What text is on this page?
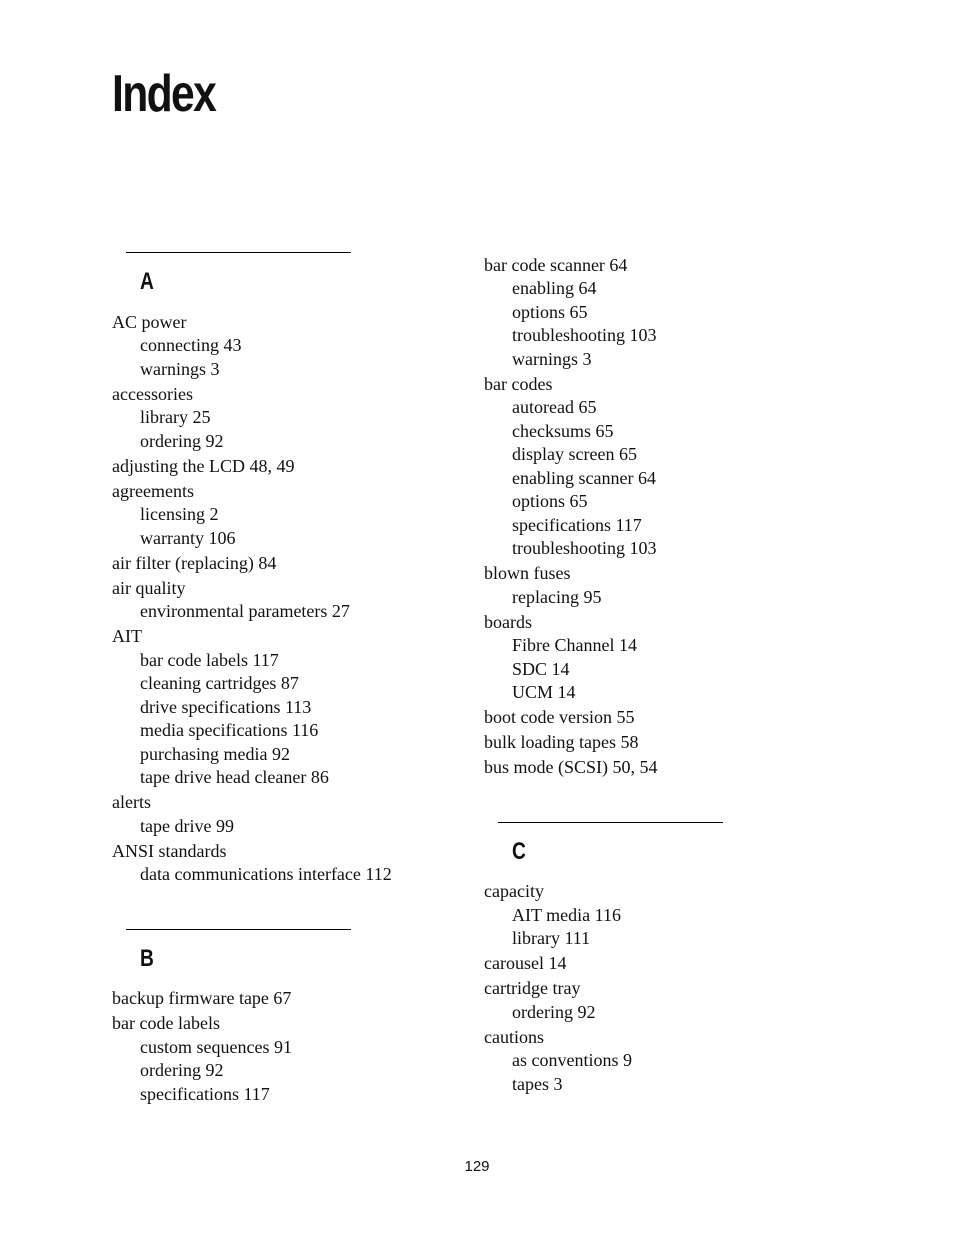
Index
A
AC power
connecting 43
warnings 3
accessories
library 25
ordering 92
adjusting the LCD 48, 49
agreements
licensing 2
warranty 106
air filter (replacing) 84
air quality
environmental parameters 27
AIT
bar code labels 117
cleaning cartridges 87
drive specifications 113
media specifications 116
purchasing media 92
tape drive head cleaner 86
alerts
tape drive 99
ANSI standards
data communications interface 112
B
backup firmware tape 67
bar code labels
custom sequences 91
ordering 92
specifications 117
bar code scanner 64
enabling 64
options 65
troubleshooting 103
warnings 3
bar codes
autoread 65
checksums 65
display screen 65
enabling scanner 64
options 65
specifications 117
troubleshooting 103
blown fuses
replacing 95
boards
Fibre Channel 14
SDC 14
UCM 14
boot code version 55
bulk loading tapes 58
bus mode (SCSI) 50, 54
C
capacity
AIT media 116
library 111
carousel 14
cartridge tray
ordering 92
cautions
as conventions 9
tapes 3
129
